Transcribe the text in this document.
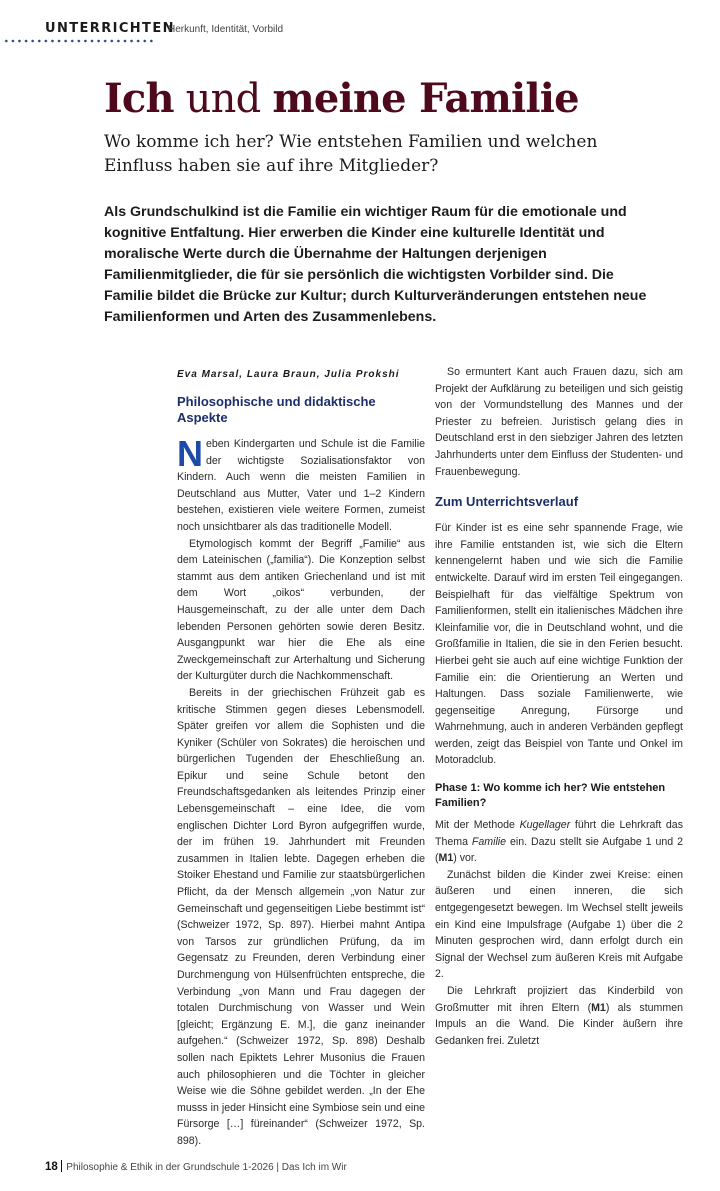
UNTERRICHTEN
Herkunft, Identität, Vorbild
Ich und meine Familie

Wo komme ich her? Wie entstehen Familien und welchen Einfluss haben sie auf ihre Mitglieder?

Als Grundschulkind ist die Familie ein wichtiger Raum für die emotionale und kognitive Entfaltung. Hier erwerben die Kinder eine kulturelle Identität und moralische Werte durch die Übernahme der Haltungen derjenigen Familienmitglieder, die für sie persönlich die wichtigsten Vorbilder sind. Die Familie bildet die Brücke zur Kultur; durch Kulturveränderungen entstehen neue Familienformen und Arten des Zusammenlebens.

Eva Marsal, Laura Braun, Julia Prokshi
Philosophische und didaktische Aspekte

Neben Kindergarten und Schule ist die Familie der wichtigste Sozialisationsfaktor von Kindern. Auch wenn die meisten Familien in Deutschland aus Mutter, Vater und 1–2 Kindern bestehen, existieren viele weitere Formen, zumeist noch unsichtbarer als das traditionelle Modell.

Etymologisch kommt der Begriff „Familie“ aus dem Lateinischen („familia“). Die Konzeption selbst stammt aus dem antiken Griechenland und ist mit dem Wort „oikos“ verbunden, der Hausgemeinschaft, zu der alle unter dem Dach lebenden Personen gehörten sowie deren Besitz. Ausgangpunkt war hier die Ehe als eine Zweckgemeinschaft zur Arterhaltung und Sicherung der Kulturgüter durch die Nachkommenschaft.

Bereits in der griechischen Frühzeit gab es kritische Stimmen gegen dieses Lebensmodell. Später greifen vor allem die Sophisten und die Kyniker (Schüler von Sokrates) die heroischen und bürgerlichen Tugenden der Eheschließung an. Epikur und seine Schule betont den Freundschaftsgedanken als leitendes Prinzip einer Lebensgemeinschaft – eine Idee, die vom englischen Dichter Lord Byron aufgegriffen wurde, der im frühen 19. Jahrhundert mit Freunden zusammen in Italien lebte. Dagegen erheben die Stoiker Ehestand und Familie zur staatsbürgerlichen Pflicht, da der Mensch allgemein „von Natur zur Gemeinschaft und gegenseitigen Liebe bestimmt ist“ (Schweizer 1972, Sp. 897). Hierbei mahnt Antipa von Tarsos zur gründlichen Prüfung, da im Gegensatz zu Freunden, deren Verbindung einer Durchmengung von Hülsenfrüchten entspreche, die Verbindung „von Mann und Frau dagegen der totalen Durchmischung von Wasser und Wein [gleicht; Ergänzung E. M.], die ganz ineinander aufgehen.“ (Schweizer 1972, Sp. 898) Deshalb sollen nach Epiktets Lehrer Musonius die Frauen auch philosophieren und die Töchter in gleicher Weise wie die Söhne gebildet werden. „In der Ehe musss in jeder Hinsicht eine Symbiose sein und eine Fürsorge […] füreinander“ (Schweizer 1972, Sp. 898).

So ermuntert Kant auch Frauen dazu, sich am Projekt der Aufklärung zu beteiligen und sich geistig von der Vormundstellung des Mannes und der Priester zu befreien. Juristisch gelang dies in Deutschland erst in den siebziger Jahren des letzten Jahrhunderts unter dem Einfluss der Studenten- und Frauenbewegung.

Zum Unterrichtsverlauf

Für Kinder ist es eine sehr spannende Frage, wie ihre Familie entstanden ist, wie sich die Eltern kennengelernt haben und wie sich die Familie entwickelte. Darauf wird im ersten Teil eingegangen. Beispielhaft für das vielfältige Spektrum von Familienformen, stellt ein italienisches Mädchen ihre Kleinfamilie vor, die in Deutschland wohnt, und die Großfamilie in Italien, die sie in den Ferien besucht. Hierbei geht sie auch auf eine wichtige Funktion der Familie ein: die Orientierung an Werten und Haltungen. Dass soziale Familienwerte, wie gegenseitige Anregung, Fürsorge und Wahrnehmung, auch in anderen Verbänden gepflegt werden, zeigt das Beispiel von Tante und Onkel im Motoradclub.

Phase 1: Wo komme ich her? Wie entstehen Familien?

Mit der Methode Kugellager führt die Lehrkraft das Thema Familie ein. Dazu stellt sie Aufgabe 1 und 2 (M1) vor.

Zunächst bilden die Kinder zwei Kreise: einen äußeren und einen inneren, die sich entgegengesetzt bewegen. Im Wechsel stellt jeweils ein Kind eine Impulsfrage (Aufgabe 1) über die 2 Minuten gesprochen wird, dann erfolgt durch ein Signal der Wechsel zum äußeren Kreis mit Aufgabe 2.

Die Lehrkraft projiziert das Kinderbild von Großmutter mit ihren Eltern (M1) als stummen Impuls an die Wand. Die Kinder äußern ihre Gedanken frei. Zuletzt

18 Philosophie & Ethik in der Grundschule 1-2026 | Das Ich im Wir
